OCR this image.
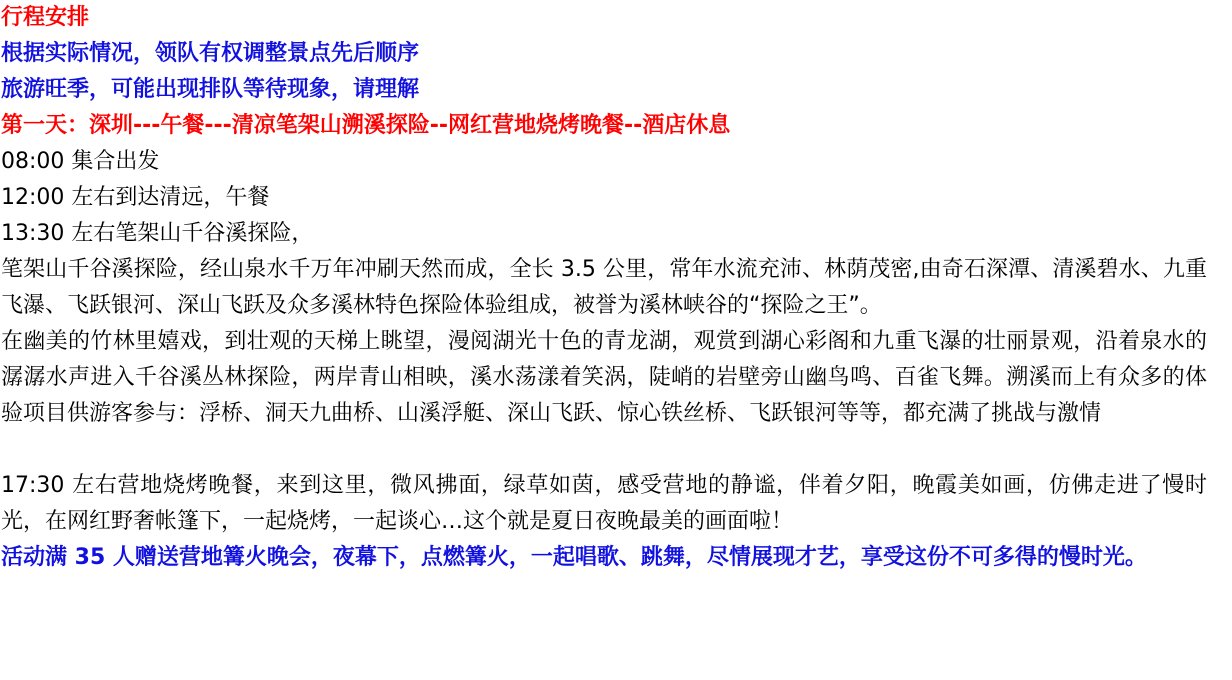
行程安排
根据实际情况，领队有权调整景点先后顺序
旅游旺季，可能出现排队等待现象，请理解
第一天：深圳---午餐---清凉笔架山溯溪探险--网红营地烧烤晚餐--酒店休息
08:00 集合出发
12:00 左右到达清远，午餐
13:30 左右笔架山千谷溪探险，
笔架山千谷溪探险，经山泉水千万年冲刷天然而成，全长 3.5 公里，常年水流充沛、林荫茂密,由奇石深潭、清溪碧水、九重飞瀑、飞跃银河、深山飞跃及众多溪林特色探险体验组成，被誉为溪林峡谷的“探险之王”。
在幽美的竹林里嬉戏，到壮观的天梯上眺望，漫阅湖光十色的青龙湖，观赏到湖心彩阁和九重飞瀑的壮丽景观，沿着泉水的潺潺水声进入千谷溪丛林探险，两岸青山相映，溪水荡漾着笑涡，陡峭的岩壁旁山幽鸟鸣、百雀飞舞。溯溪而上有众多的体验项目供游客参与：浮桥、洞天九曲桥、山溪浮艇、深山飞跃、惊心铁丝桥、飞跃银河等等，都充满了挑战与激情
17:30 左右营地烧烤晚餐，来到这里，微风拂面，绿草如茵，感受营地的静谧，伴着夕阳，晚霞美如画，仿佛走进了慢时光，在网红野奢帐篷下，一起烧烤，一起谈心…这个就是夏日夜晚最美的画面啦！
活动满 35 人赠送营地篝火晚会，夜幕下，点燃篝火，一起唱歌、跳舞，尽情展现才艺，享受这份不可多得的慢时光。
